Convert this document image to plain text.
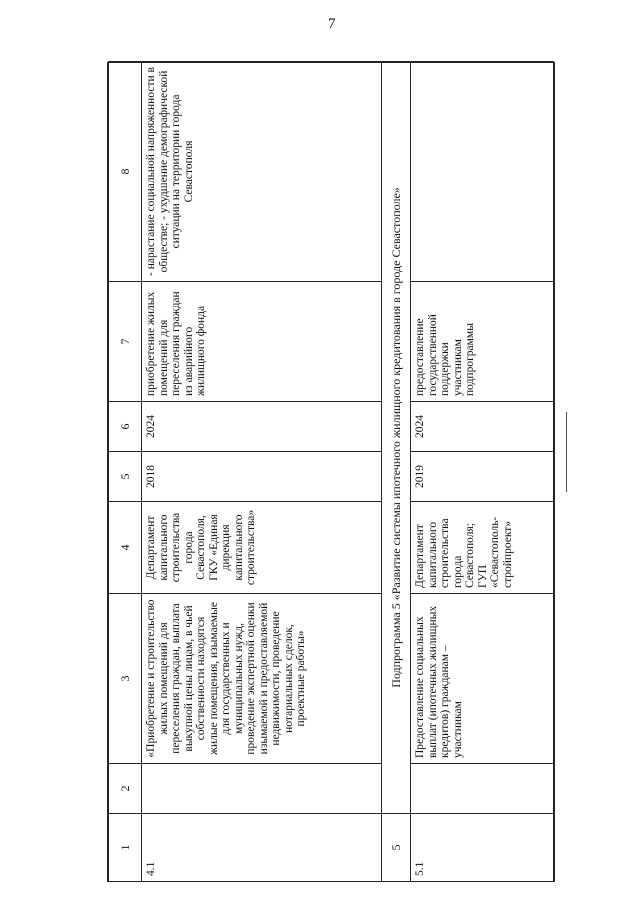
7
1	2	3	4	5	6	7	8
4.1		«Приобретение и строительство жилых помещений для переселения граждан, выплата выкупной цены лицам, в чьей собственности находятся жилые помещения, изымаемые для государственных и муниципальных нужд, проведение экспертной оценки изымаемой и предоставляемой недвижимости, проведение нотариальных сделок, проектные работы»	Департамент капитального строительства города Севастополя, ГКУ «Единая дирекция капитального строительства»	2018	2024	приобретение жилых помещений для переселения граждан из аварийного жилищного фонда	- нарастание социальной напряженности в обществе; - ухудшение демографической ситуации на территории города Севастополя
5	Подпрограмма 5 «Развитие системы ипотечного жилищного кредитования в городе Севастополе»						
5.1		Предоставление социальных выплат (ипотечных жилищных кредитов) гражданам –участникам	Департамент капитального строительства города Севастополя; ГУП «Севастополь-стройпроект»	2019	2024	предоставление государственной поддержки участникам подпрограммы	
